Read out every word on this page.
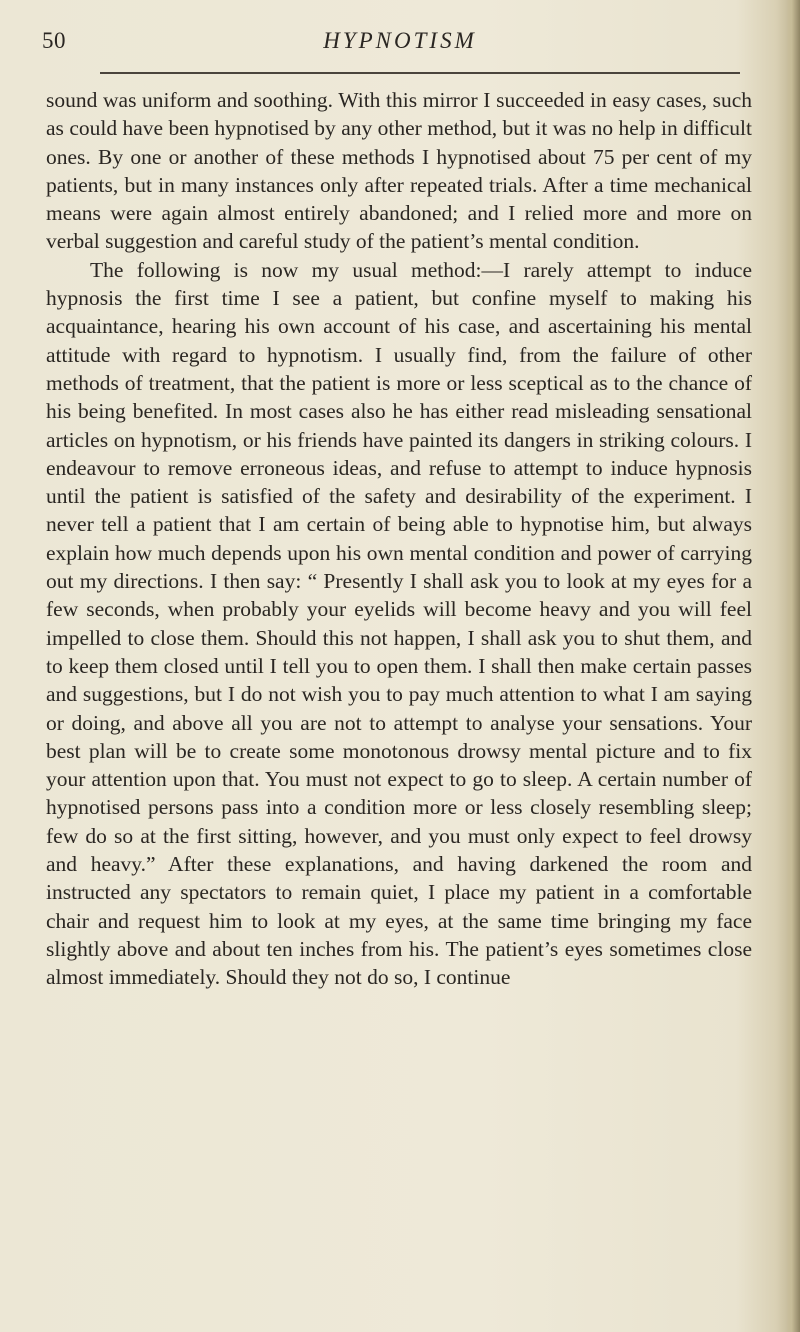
50	HYPNOTISM

sound was uniform and soothing. With this mirror I succeeded in easy cases, such as could have been hypnotised by any other method, but it was no help in difficult ones. By one or another of these methods I hypnotised about 75 per cent of my patients, but in many instances only after repeated trials. After a time mechanical means were again almost entirely abandoned; and I relied more and more on verbal suggestion and careful study of the patient’s mental condition.

The following is now my usual method:—I rarely attempt to induce hypnosis the first time I see a patient, but confine myself to making his acquaintance, hearing his own account of his case, and ascertaining his mental attitude with regard to hypnotism. I usually find, from the failure of other methods of treatment, that the patient is more or less sceptical as to the chance of his being benefited. In most cases also he has either read misleading sensational articles on hypnotism, or his friends have painted its dangers in striking colours. I endeavour to remove erroneous ideas, and refuse to attempt to induce hypnosis until the patient is satisfied of the safety and desirability of the experiment. I never tell a patient that I am certain of being able to hypnotise him, but always explain how much depends upon his own mental condition and power of carrying out my directions. I then say: “ Presently I shall ask you to look at my eyes for a few seconds, when probably your eyelids will become heavy and you will feel impelled to close them. Should this not happen, I shall ask you to shut them, and to keep them closed until I tell you to open them. I shall then make certain passes and suggestions, but I do not wish you to pay much attention to what I am saying or doing, and above all you are not to attempt to analyse your sensations. Your best plan will be to create some monotonous drowsy mental picture and to fix your attention upon that. You must not expect to go to sleep. A certain number of hypnotised persons pass into a condition more or less closely resembling sleep; few do so at the first sitting, however, and you must only expect to feel drowsy and heavy.” After these explanations, and having darkened the room and instructed any spectators to remain quiet, I place my patient in a comfortable chair and request him to look at my eyes, at the same time bringing my face slightly above and about ten inches from his. The patient’s eyes sometimes close almost immediately. Should they not do so, I continue
